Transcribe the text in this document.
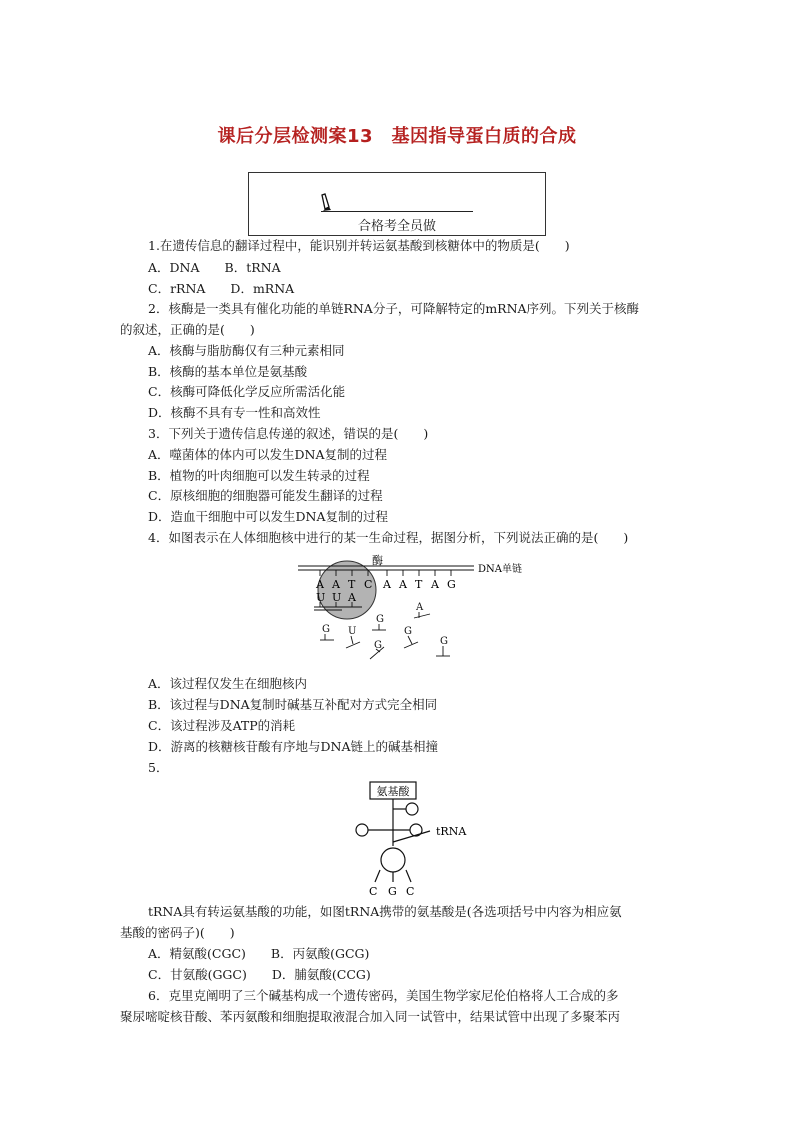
课后分层检测案13　基因指导蛋白质的合成
合格考全员做
1.在遗传信息的翻译过程中，能识别并转运氨基酸到核糖体中的物质是(　　)
A．DNA　　B．tRNA
C．rRNA　　D．mRNA
2．核酶是一类具有催化功能的单链RNA分子，可降解特定的mRNA序列。下列关于核酶
的叙述，正确的是(　　)
A．核酶与脂肪酶仅有三种元素相同
B．核酶的基本单位是氨基酸
C．核酶可降低化学反应所需活化能
D．核酶不具有专一性和高效性
3．下列关于遗传信息传递的叙述，错误的是(　　)
A．噬菌体的体内可以发生DNA复制的过程
B．植物的叶肉细胞可以发生转录的过程
C．原核细胞的细胞器可能发生翻译的过程
D．造血干细胞中可以发生DNA复制的过程
4．如图表示在人体细胞核中进行的某一生命过程，据图分析，下列说法正确的是(　　)
酶
DNA单链
A A T C A A T A G
U U A
A
G U
G
G
G
G
A．该过程仅发生在细胞核内
B．该过程与DNA复制时碱基互补配对方式完全相同
C．该过程涉及ATP的消耗
D．游离的核糖核苷酸有序地与DNA链上的碱基相撞
5．
氨基酸
tRNA
C G C
tRNA具有转运氨基酸的功能，如图tRNA携带的氨基酸是(各选项括号中内容为相应氨
基酸的密码子)(　　)
A．精氨酸(CGC)　　B．丙氨酸(GCG)
C．甘氨酸(GGC)　　D．脯氨酸(CCG)
6．克里克阐明了三个碱基构成一个遗传密码，美国生物学家尼伦伯格将人工合成的多
聚尿嘧啶核苷酸、苯丙氨酸和细胞提取液混合加入同一试管中，结果试管中出现了多聚苯丙
